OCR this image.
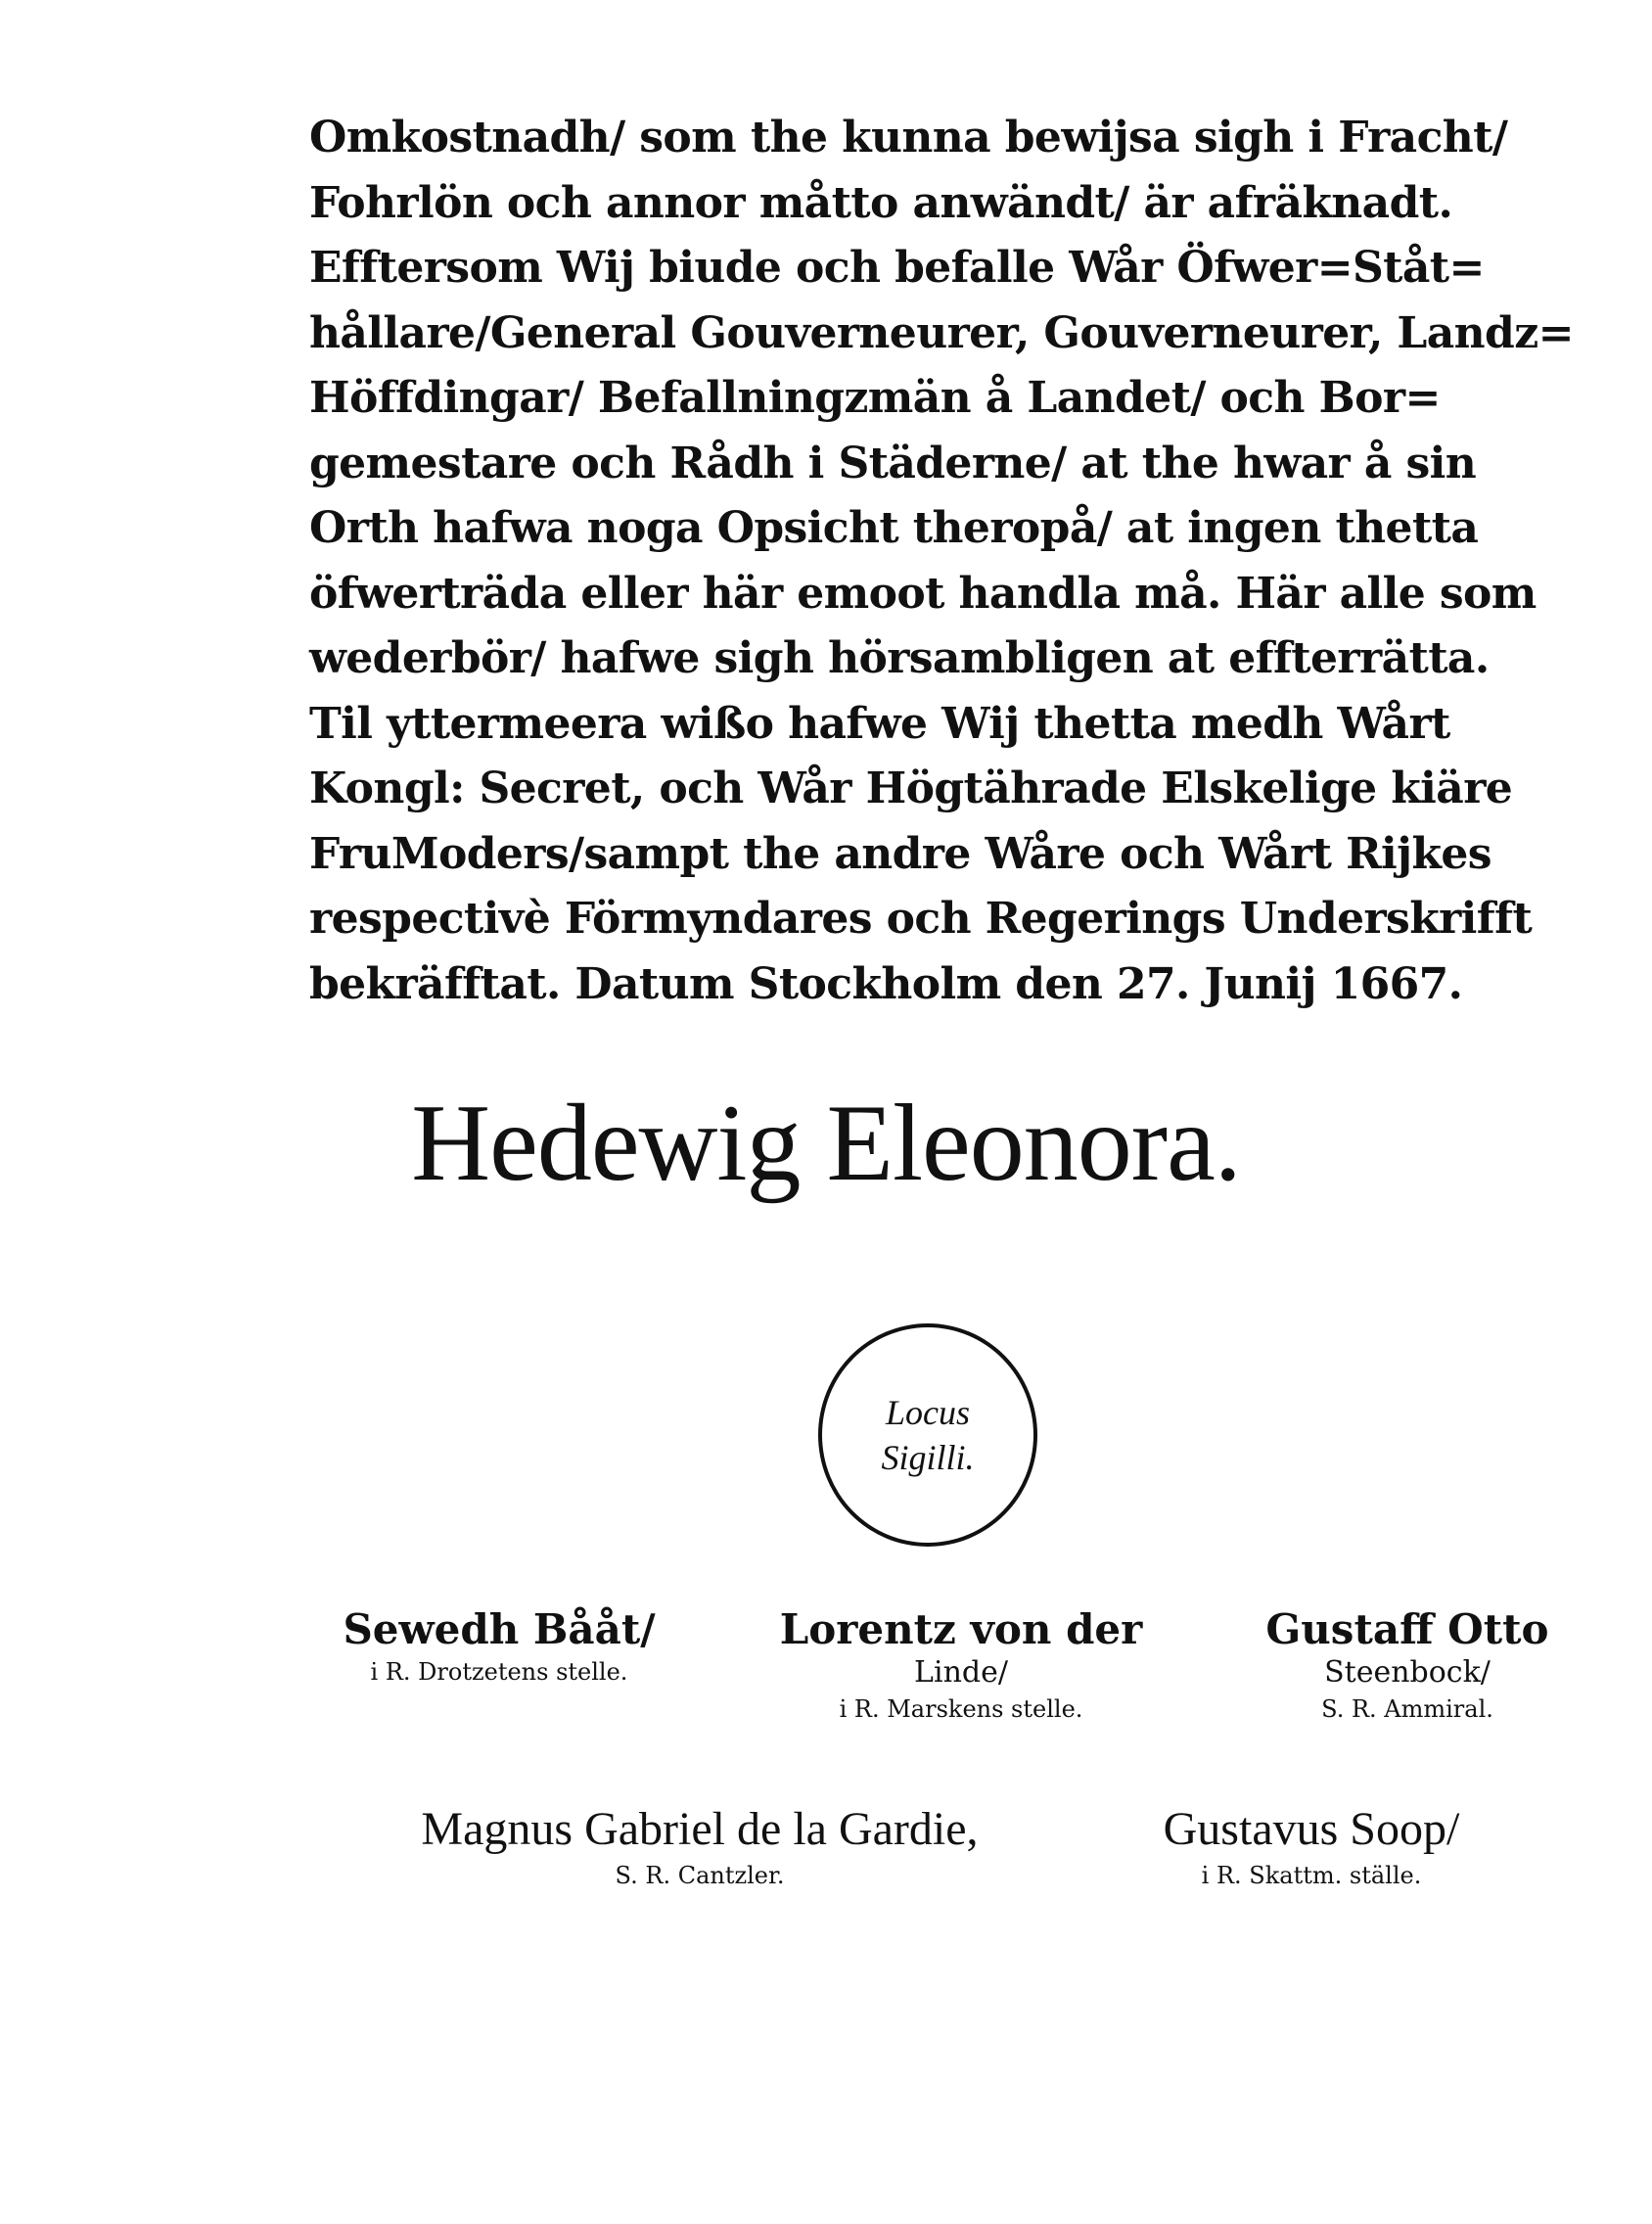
Omkostnadh/ som the kunna bewijsa sigh i Fracht/
Fohrlön och annor måtto anwändt/ är afräknadt.
Efftersom Wij biude och befalle Wår Öfwer=Ståt=
hållare/General Gouverneurer, Gouverneurer, Landz=
Höffdingar/ Befallningzmän å Landet/ och Bor=
gemestare och Rådh i Städerne/ at the hwar å sin
Orth hafwa noga Opsicht theropå/ at ingen thetta
öfwerträda eller här emoot handla må. Här alle som
wederbör/ hafwe sigh hörsambligen at effterrätta.
Til yttermeera wißo hafwe Wij thetta medh Wårt
Kongl: Secret, och Wår Högtährade Elskelige kiäre
FruModers/sampt the andre Wåre och Wårt Rijkes
respectivè Förmyndares och Regerings Underskrifft
bekräfftat. Datum Stockholm den 27. Junij 1667.
Hedewig Eleonora.
Locus
Sigilli.
Sewedh Bååt/
i R. Drotzetens stelle.
Lorentz von der
Linde/
i R. Marskens stelle.
Gustaff Otto
Steenbock/
S. R. Ammiral.
Magnus Gabriel de la Gardie,
S. R. Cantzler.
Gustavus Soop/
i R. Skattm. ställe.
